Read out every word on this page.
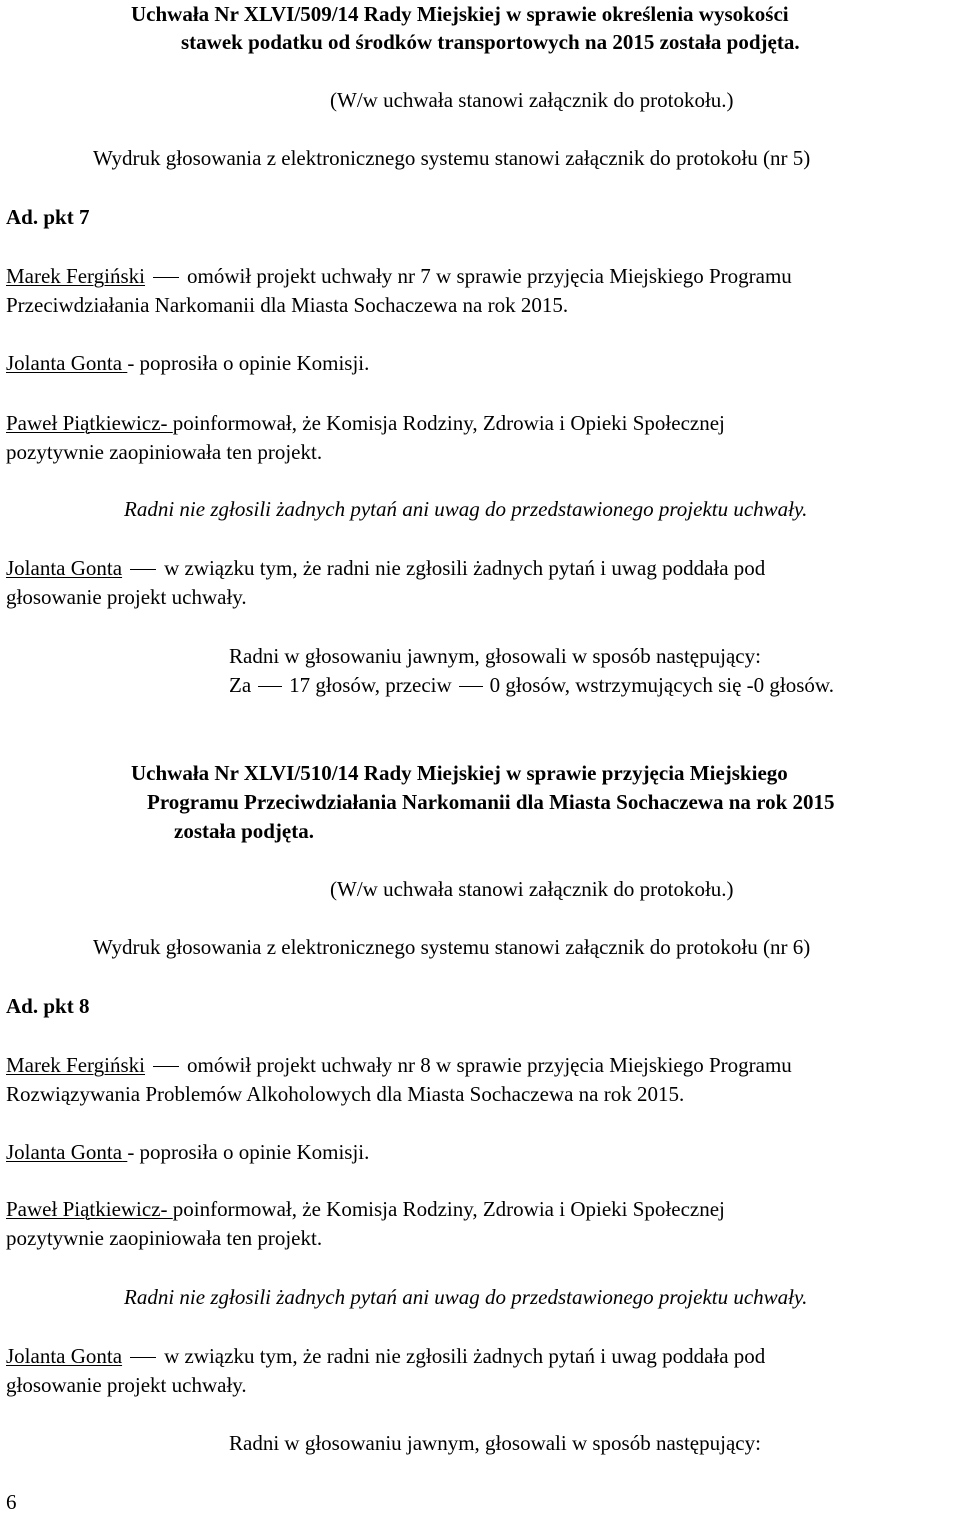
Uchwała Nr XLVI/509/14 Rady Miejskiej w sprawie określenia wysokości
stawek podatku od środków transportowych na 2015 została podjęta.
(W/w uchwała stanowi załącznik do protokołu.)
Wydruk głosowania z elektronicznego systemu stanowi załącznik do protokołu (nr 5)
Ad. pkt 7
Marek Fergiński omówił projekt uchwały nr 7 w sprawie przyjęcia Miejskiego Programu
Przeciwdziałania Narkomanii dla Miasta Sochaczewa na rok 2015.
Jolanta Gonta - poprosiła o opinie Komisji.
Paweł Piątkiewicz- poinformował, że Komisja Rodziny, Zdrowia i Opieki Społecznej
pozytywnie zaopiniowała ten projekt.
Radni nie zgłosili żadnych pytań ani uwag do przedstawionego projektu uchwały.
Jolanta Gonta w związku tym, że radni nie zgłosili żadnych pytań i uwag poddała pod
głosowanie projekt uchwały.
Radni w głosowaniu jawnym, głosowali w sposób następujący:
Za 17 głosów, przeciw 0 głosów, wstrzymujących się -0 głosów.
Uchwała Nr XLVI/510/14 Rady Miejskiej w sprawie przyjęcia Miejskiego
Programu Przeciwdziałania Narkomanii dla Miasta Sochaczewa na rok 2015
została podjęta.
(W/w uchwała stanowi załącznik do protokołu.)
Wydruk głosowania z elektronicznego systemu stanowi załącznik do protokołu (nr 6)
Ad. pkt 8
Marek Fergiński omówił projekt uchwały nr 8 w sprawie przyjęcia Miejskiego Programu
Rozwiązywania Problemów Alkoholowych dla Miasta Sochaczewa na rok 2015.
Jolanta Gonta - poprosiła o opinie Komisji.
Paweł Piątkiewicz- poinformował, że Komisja Rodziny, Zdrowia i Opieki Społecznej
pozytywnie zaopiniowała ten projekt.
Radni nie zgłosili żadnych pytań ani uwag do przedstawionego projektu uchwały.
Jolanta Gonta w związku tym, że radni nie zgłosili żadnych pytań i uwag poddała pod
głosowanie projekt uchwały.
Radni w głosowaniu jawnym, głosowali w sposób następujący:
6
